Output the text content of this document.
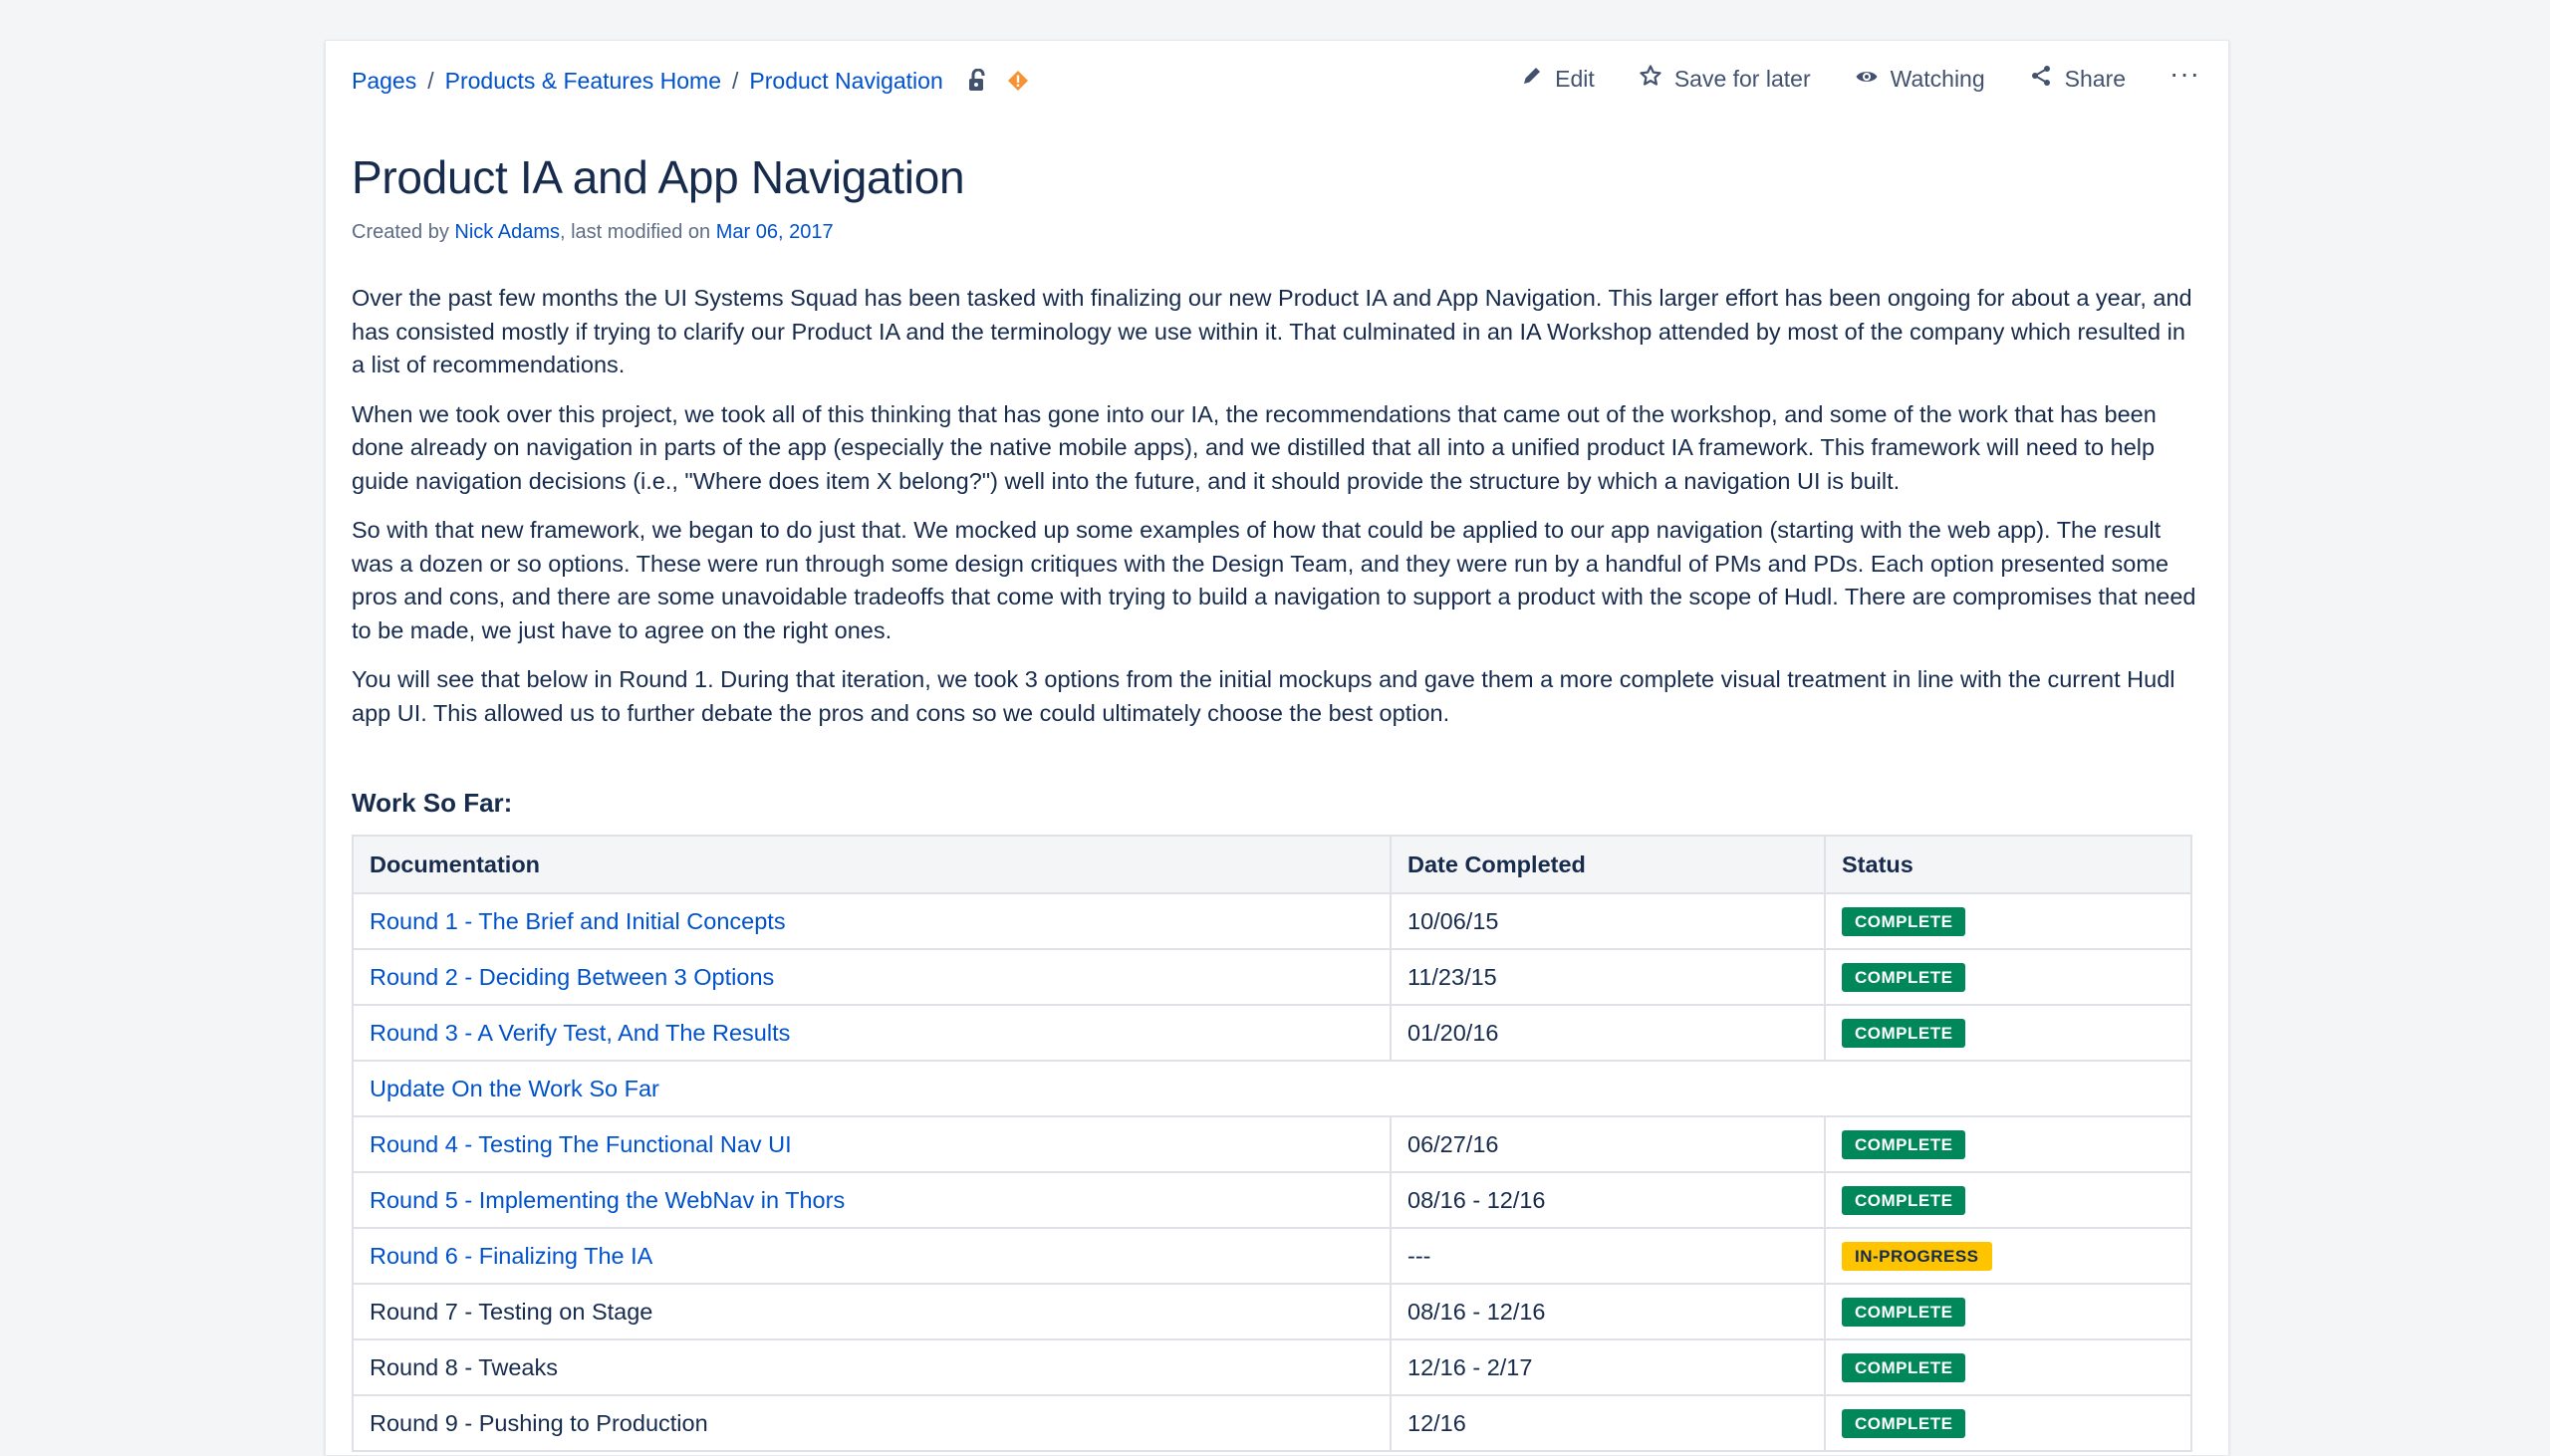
Pages / Products & Features Home / Product Navigation	Edit	Save for later	Watching	Share ···
Product IA and App Navigation
Created by Nick Adams, last modified on Mar 06, 2017

Over the past few months the UI Systems Squad has been tasked with finalizing our new Product IA and App Navigation. This larger effort has been ongoing for about a year, and has consisted mostly if trying to clarify our Product IA and the terminology we use within it. That culminated in an IA Workshop attended by most of the company which resulted in a list of recommendations.

When we took over this project, we took all of this thinking that has gone into our IA, the recommendations that came out of the workshop, and some of the work that has been done already on navigation in parts of the app (especially the native mobile apps), and we distilled that all into a unified product IA framework. This framework will need to help guide navigation decisions (i.e., "Where does item X belong?") well into the future, and it should provide the structure by which a navigation UI is built.

So with that new framework, we began to do just that. We mocked up some examples of how that could be applied to our app navigation (starting with the web app). The result was a dozen or so options. These were run through some design critiques with the Design Team, and they were run by a handful of PMs and PDs. Each option presented some pros and cons, and there are some unavoidable tradeoffs that come with trying to build a navigation to support a product with the scope of Hudl. There are compromises that need to be made, we just have to agree on the right ones.

You will see that below in Round 1. During that iteration, we took 3 options from the initial mockups and gave them a more complete visual treatment in line with the current Hudl app UI. This allowed us to further debate the pros and cons so we could ultimately choose the best option.

Work So Far:
Documentation	Date Completed	Status
Round 1 - The Brief and Initial Concepts	10/06/15	COMPLETE
Round 2 - Deciding Between 3 Options	11/23/15	COMPLETE
Round 3 - A Verify Test, And The Results	01/20/16	COMPLETE
Update On the Work So Far		
Round 4 - Testing The Functional Nav UI	06/27/16	COMPLETE
Round 5 - Implementing the WebNav in Thors	08/16 - 12/16	COMPLETE
Round 6 - Finalizing The IA	---	IN-PROGRESS
Round 7 - Testing on Stage	08/16 - 12/16	COMPLETE
Round 8 - Tweaks	12/16 - 2/17	COMPLETE
Round 9 - Pushing to Production	12/16	COMPLETE
